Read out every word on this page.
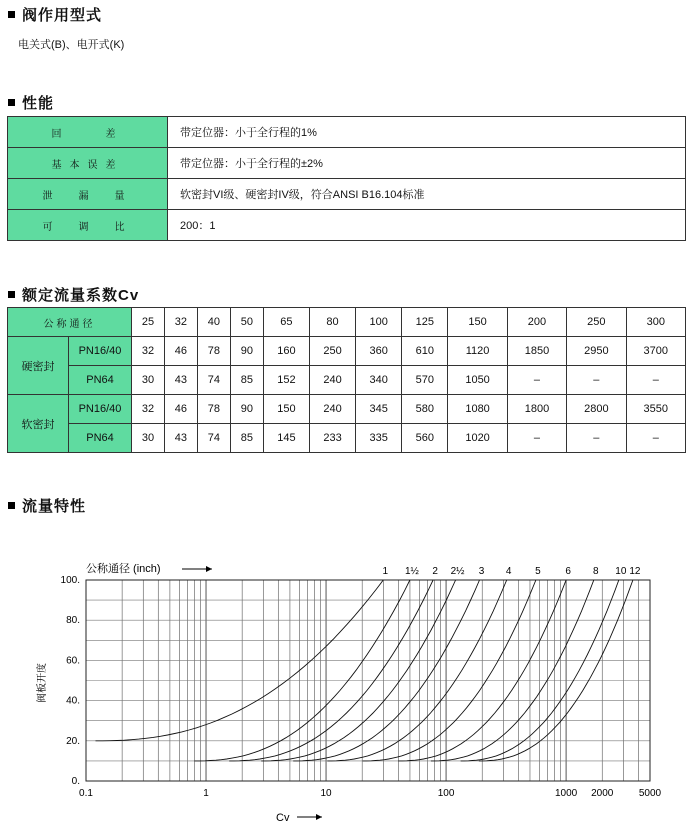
阀作用型式
电关式(B)、电开式(K)
性能
回　　差	带定位器：小于全行程的1%
基本误差	带定位器：小于全行程的±2%
泄　漏　量	软密封VI级、硬密封IV级，符合ANSI B16.104标准
可　调　比	200：1
额定流量系数Cv
公称通径		25	32	40	50	65	80	100	125	150	200	250	300
硬密封	PN16/40	32	46	78	90	160	250	360	610	1120	1850	2950	3700
	PN64	30	43	74	85	152	240	340	570	1050	–	–	–
软密封	PN16/40	32	46	78	90	150	240	345	580	1080	1800	2800	3550
	PN64	30	43	74	85	145	233	335	560	1020	–	–	–
流量特性
0.
20.
40.
60.
80.
100.
0.1	1	10	100	1000 2000	5000
Cv
阀板开度
公称通径 (inch)	1 1½ 2 2½ 3 4 5 6 8 10 12
